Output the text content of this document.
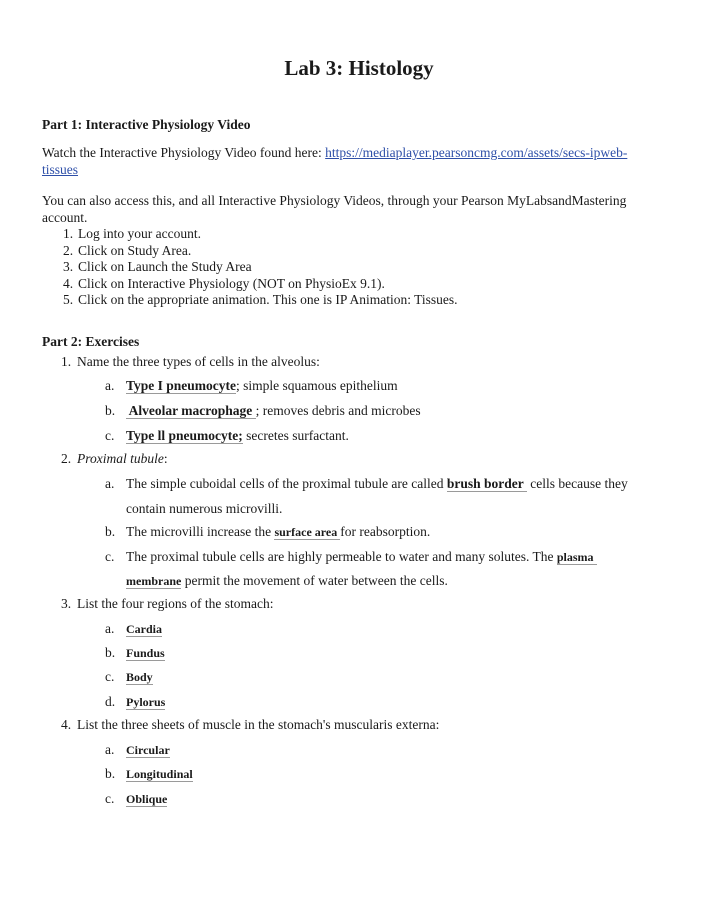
Lab 3: Histology
Part 1: Interactive Physiology Video
Watch the Interactive Physiology Video found here: https://mediaplayer.pearsoncmg.com/assets/secs-ipweb-
tissues
You can also access this, and all Interactive Physiology Videos, through your Pearson MyLabsandMastering
account.
1. Log into your account.
2. Click on Study Area.
3. Click on Launch the Study Area
4. Click on Interactive Physiology (NOT on PhysioEx 9.1).
5. Click on the appropriate animation. This one is IP Animation: Tissues.
Part 2: Exercises
1. Name the three types of cells in the alveolus:
a. Type I pneumocyte; simple squamous epithelium
b. Alveolar macrophage ; removes debris and microbes
c. Type ll pneumocyte; secretes surfactant.
2. Proximal tubule:
a. The simple cuboidal cells of the proximal tubule are called brush border  cells because they
contain numerous microvilli.
b. The microvilli increase the surface area for reabsorption.
c. The proximal tubule cells are highly permeable to water and many solutes. The plasma
membrane permit the movement of water between the cells.
3. List the four regions of the stomach:
a. Cardia
b. Fundus
c. Body
d. Pylorus
4. List the three sheets of muscle in the stomach's muscularis externa:
a. Circular
b. Longitudinal
c. Oblique
